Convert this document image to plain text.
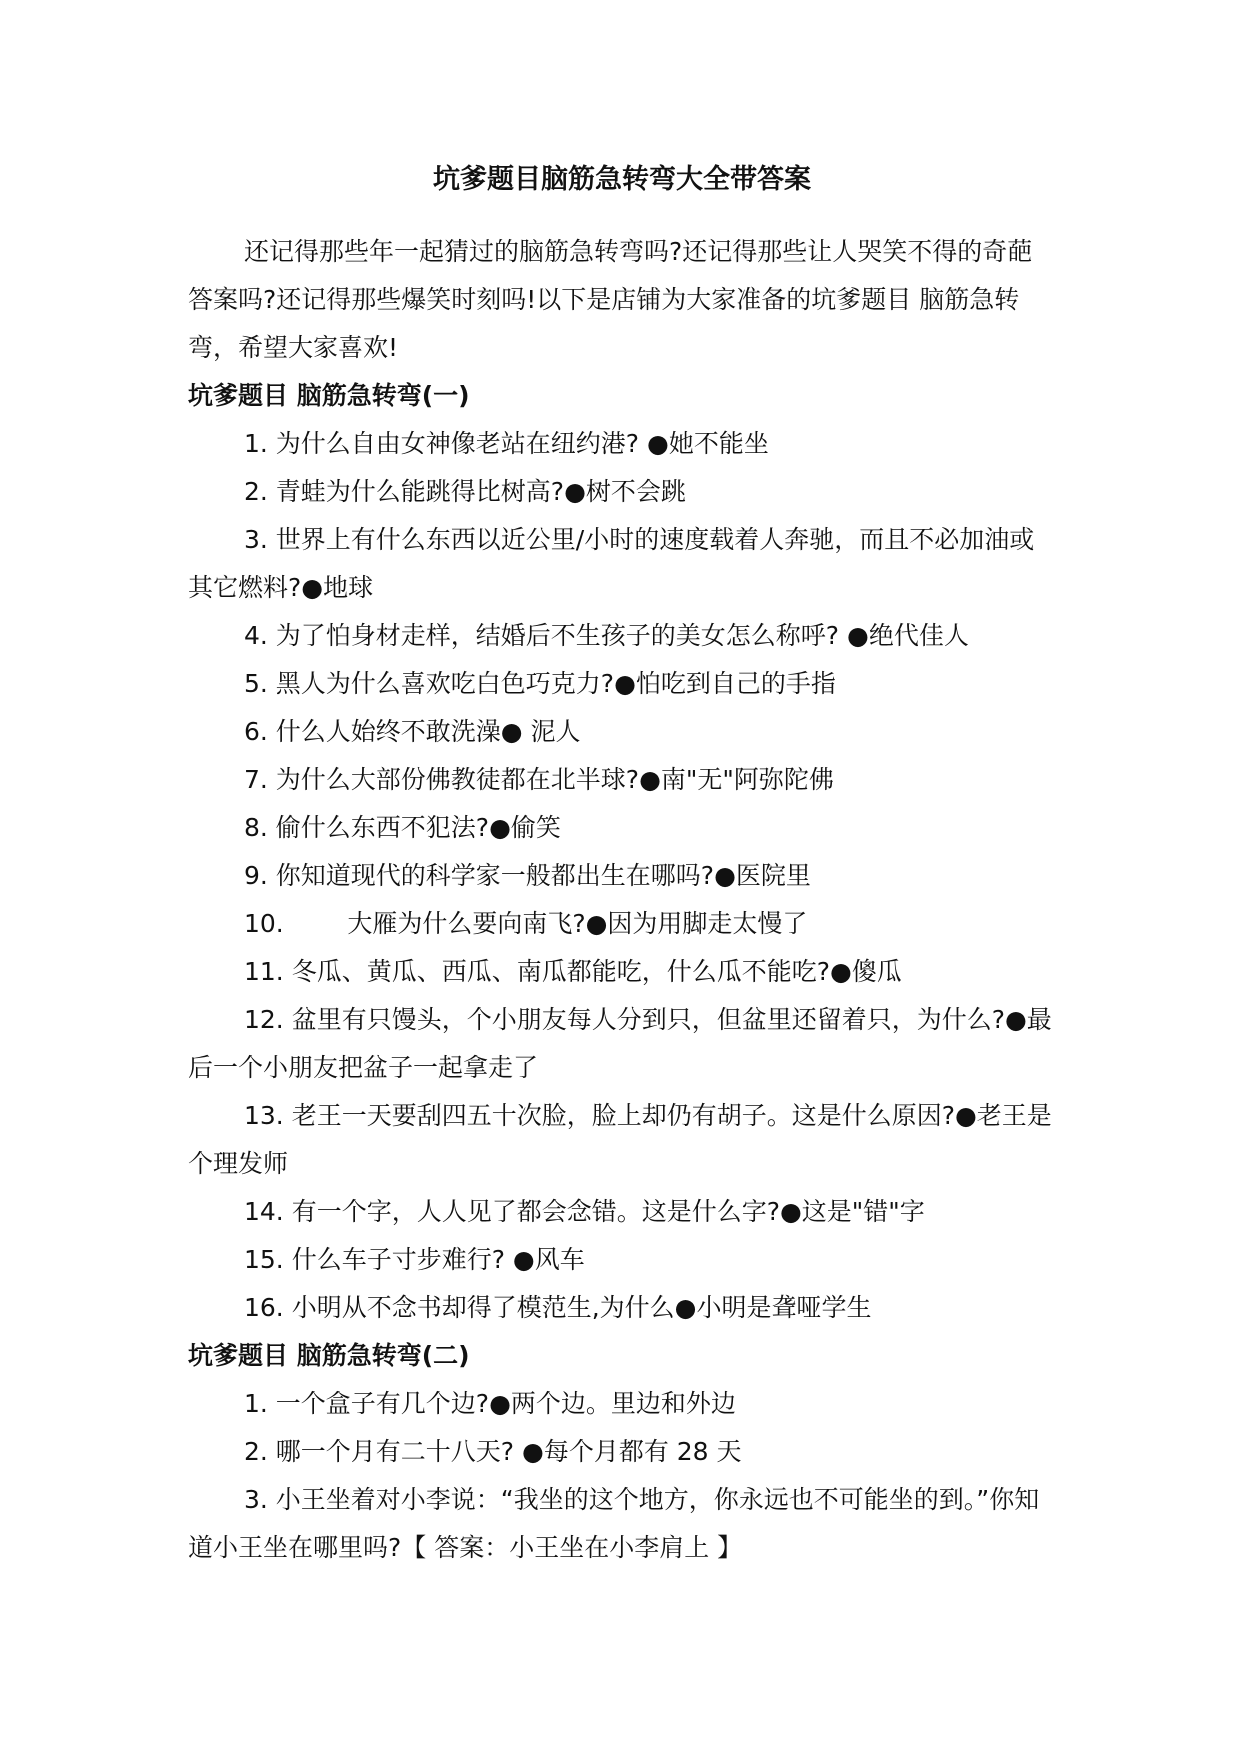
坑爹题目脑筋急转弯大全带答案
还记得那些年一起猜过的脑筋急转弯吗?还记得那些让人哭笑不得的奇葩答案吗?还记得那些爆笑时刻吗!以下是店铺为大家准备的坑爹题目 脑筋急转弯，希望大家喜欢!
坑爹题目 脑筋急转弯(一)
1. 为什么自由女神像老站在纽约港? ●她不能坐
2. 青蛙为什么能跳得比树高?●树不会跳
3. 世界上有什么东西以近公里/小时的速度载着人奔驰，而且不必加油或其它燃料?●地球
4. 为了怕身材走样，结婚后不生孩子的美女怎么称呼? ●绝代佳人
5. 黑人为什么喜欢吃白色巧克力?●怕吃到自己的手指
6. 什么人始终不敢洗澡● 泥人
7. 为什么大部份佛教徒都在北半球?●南"无"阿弥陀佛
8. 偷什么东西不犯法?●偷笑
9. 你知道现代的科学家一般都出生在哪吗?●医院里
10.        大雁为什么要向南飞?●因为用脚走太慢了
11. 冬瓜、黄瓜、西瓜、南瓜都能吃，什么瓜不能吃?●傻瓜
12. 盆里有只馒头，个小朋友每人分到只，但盆里还留着只，为什么?●最后一个小朋友把盆子一起拿走了
13. 老王一天要刮四五十次脸，脸上却仍有胡子。这是什么原因?●老王是个理发师
14. 有一个字，人人见了都会念错。这是什么字?●这是"错"字
15. 什么车子寸步难行? ●风车
16. 小明从不念书却得了模范生,为什么●小明是聋哑学生
坑爹题目 脑筋急转弯(二)
1. 一个盒子有几个边?●两个边。里边和外边
2. 哪一个月有二十八天? ●每个月都有 28 天
3. 小王坐着对小李说：“我坐的这个地方，你永远也不可能坐的到。”你知道小王坐在哪里吗?【 答案：小王坐在小李肩上 】
